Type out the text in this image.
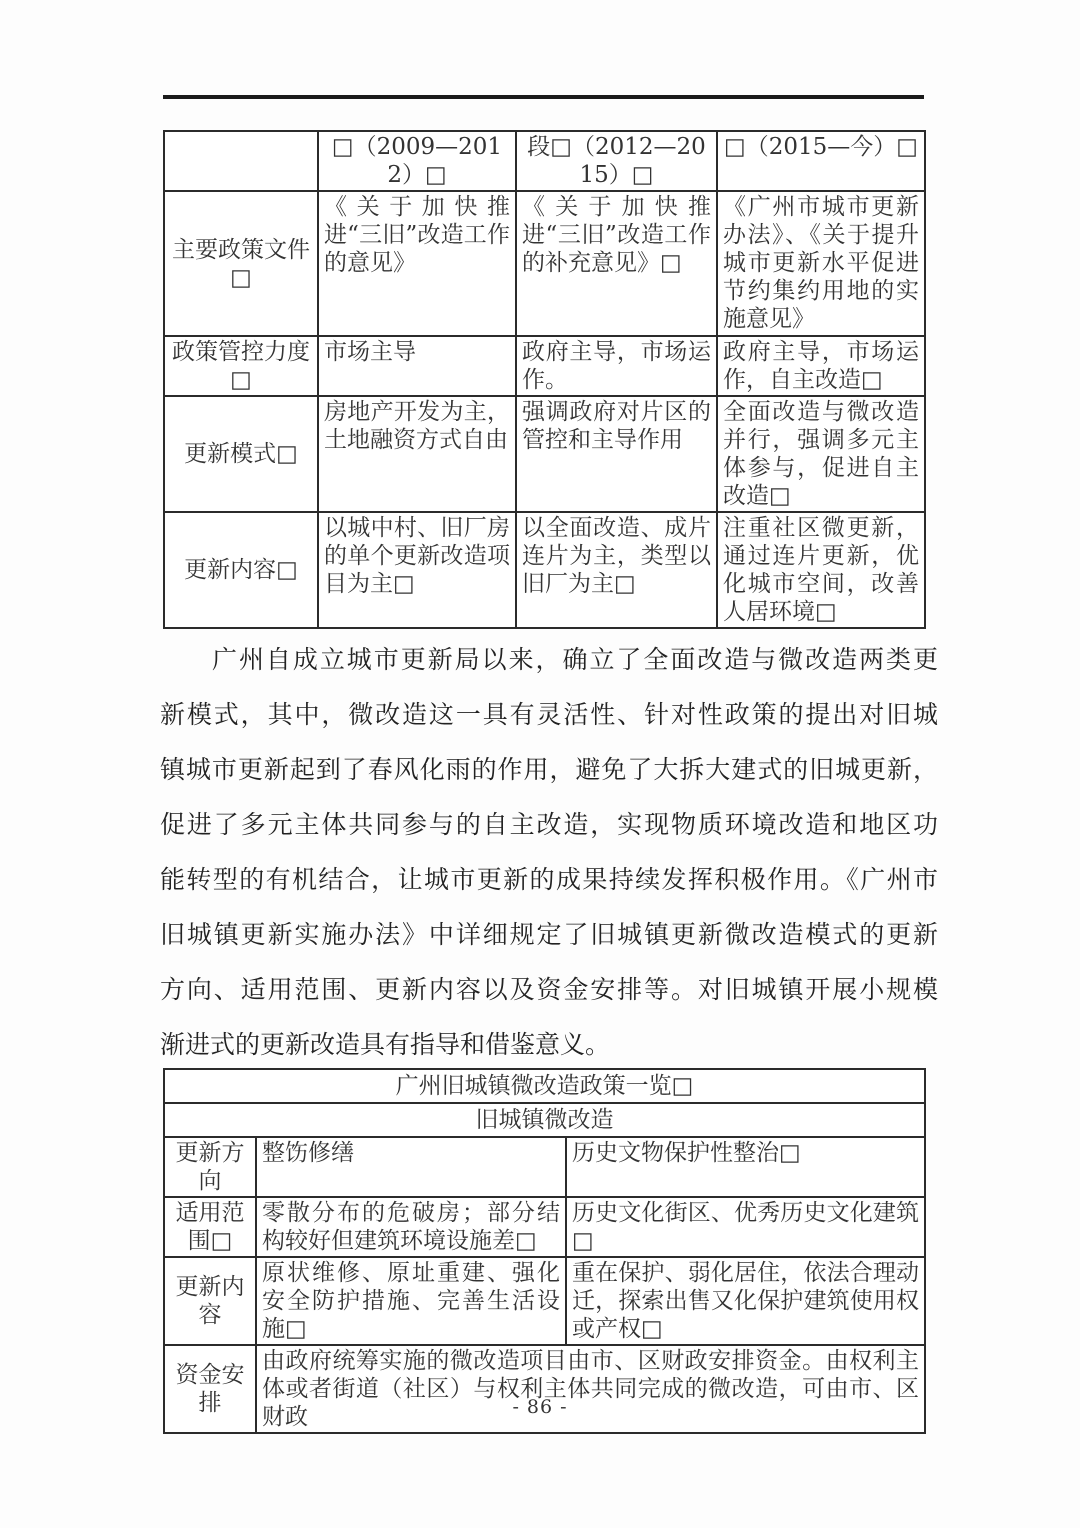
	□（2009—2012）□	段□（2012—2015）□	□（2015—今）□
主要政策文件□	《关于加快推进“三旧”改造工作的意见》	《关于加快推进“三旧”改造工作的补充意见》□	《广州市城市更新办法》、《关于提升城市更新水平促进节约集约用地的实施意见》
政策管控力度□	市场主导	政府主导，市场运作。	政府主导，市场运作，自主改造□
更新模式□	房地产开发为主，土地融资方式自由	强调政府对片区的管控和主导作用	全面改造与微改造并行，强调多元主体参与，促进自主改造□
更新内容□	以城中村、旧厂房的单个更新改造项目为主□	以全面改造、成片连片为主，类型以旧厂为主□	注重社区微更新，通过连片更新，优化城市空间，改善人居环境□
广州自成立城市更新局以来，确立了全面改造与微改造两类更
新模式，其中，微改造这一具有灵活性、针对性政策的提出对旧城
镇城市更新起到了春风化雨的作用，避免了大拆大建式的旧城更新，
促进了多元主体共同参与的自主改造，实现物质环境改造和地区功
能转型的有机结合，让城市更新的成果持续发挥积极作用。《广州市
旧城镇更新实施办法》中详细规定了旧城镇更新微改造模式的更新
方向、适用范围、更新内容以及资金安排等。对旧城镇开展小规模
渐进式的更新改造具有指导和借鉴意义。
广州旧城镇微改造政策一览□		
旧城镇微改造		
更新方向	整饬修缮	历史文物保护性整治□
适用范围□	零散分布的危破房；部分结构较好但建筑环境设施差□	历史文化街区、优秀历史文化建筑□
更新内容	原状维修、原址重建、强化安全防护措施、完善生活设施□	重在保护、弱化居住，依法合理动迁，探索出售又化保护建筑使用权或产权□
资金安排	由政府统筹实施的微改造项目由市、区财政安排资金。由权利主体或者街道（社区）与权利主体共同完成的微改造，可由市、区财政		- 86 -
